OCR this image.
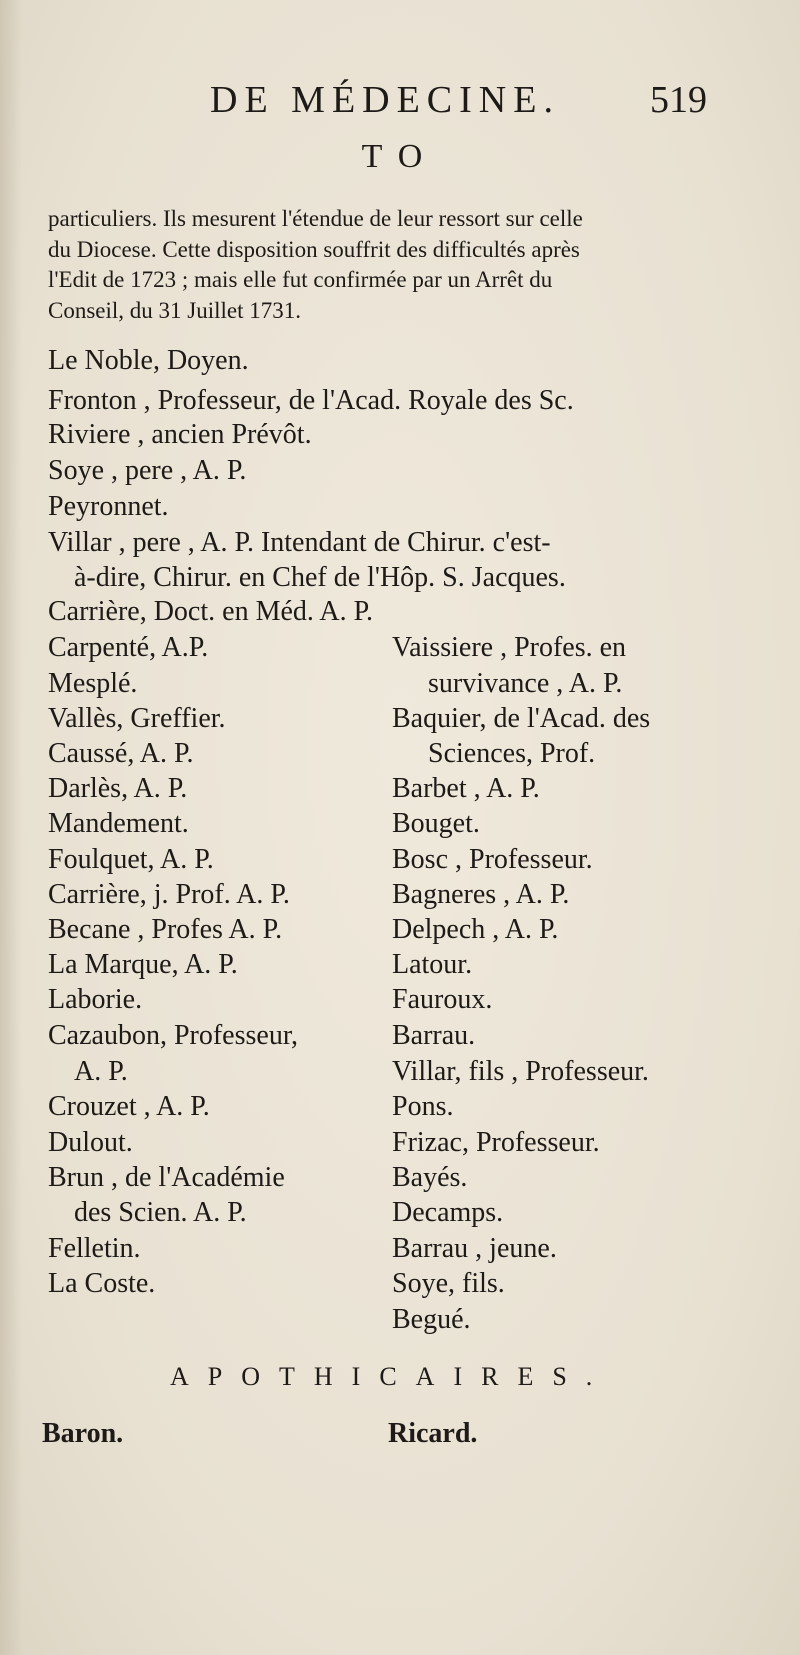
DE MÉDECINE. 519
TO
particuliers. Ils mesurent l'étendue de leur ressort sur celle
du Diocese. Cette disposition souffrit des difficultés après
l'Edit de 1723 ; mais elle fut confirmée par un Arrêt du
Conseil, du 31 Juillet 1731.
Le Noble, Doyen.
Fronton , Professeur, de l'Acad. Royale des Sc.
Riviere , ancien Prévôt.
Soye , pere , A. P.
Peyronnet.
Villar , pere , A. P. Intendant de Chirur. c'est-
à-dire, Chirur. en Chef de l'Hôp. S. Jacques.
Carrière, Doct. en Méd. A. P.
Carpenté, A.P.
Mesplé.
Vallès, Greffier.
Caussé, A. P.
Darlès, A. P.
Mandement.
Foulquet, A. P.
Carrière, j. Prof. A. P.
Becane , Profes A. P.
La Marque, A. P.
Laborie.
Cazaubon, Professeur,
A. P.
Crouzet , A. P.
Dulout.
Brun , de l'Académie
des Scien. A. P.
Felletin.
La Coste.
Vaissiere , Profes. en
survivance , A. P.
Baquier, de l'Acad. des
Sciences, Prof.
Barbet , A. P.
Bouget.
Bosc , Professeur.
Bagneres , A. P.
Delpech , A. P.
Latour.
Fauroux.
Barrau.
Villar, fils , Professeur.
Pons.
Frizac, Professeur.
Bayés.
Decamps.
Barrau , jeune.
Soye, fils.
Begué.
APOTHICAIRES.
Baron.	Ricard.
